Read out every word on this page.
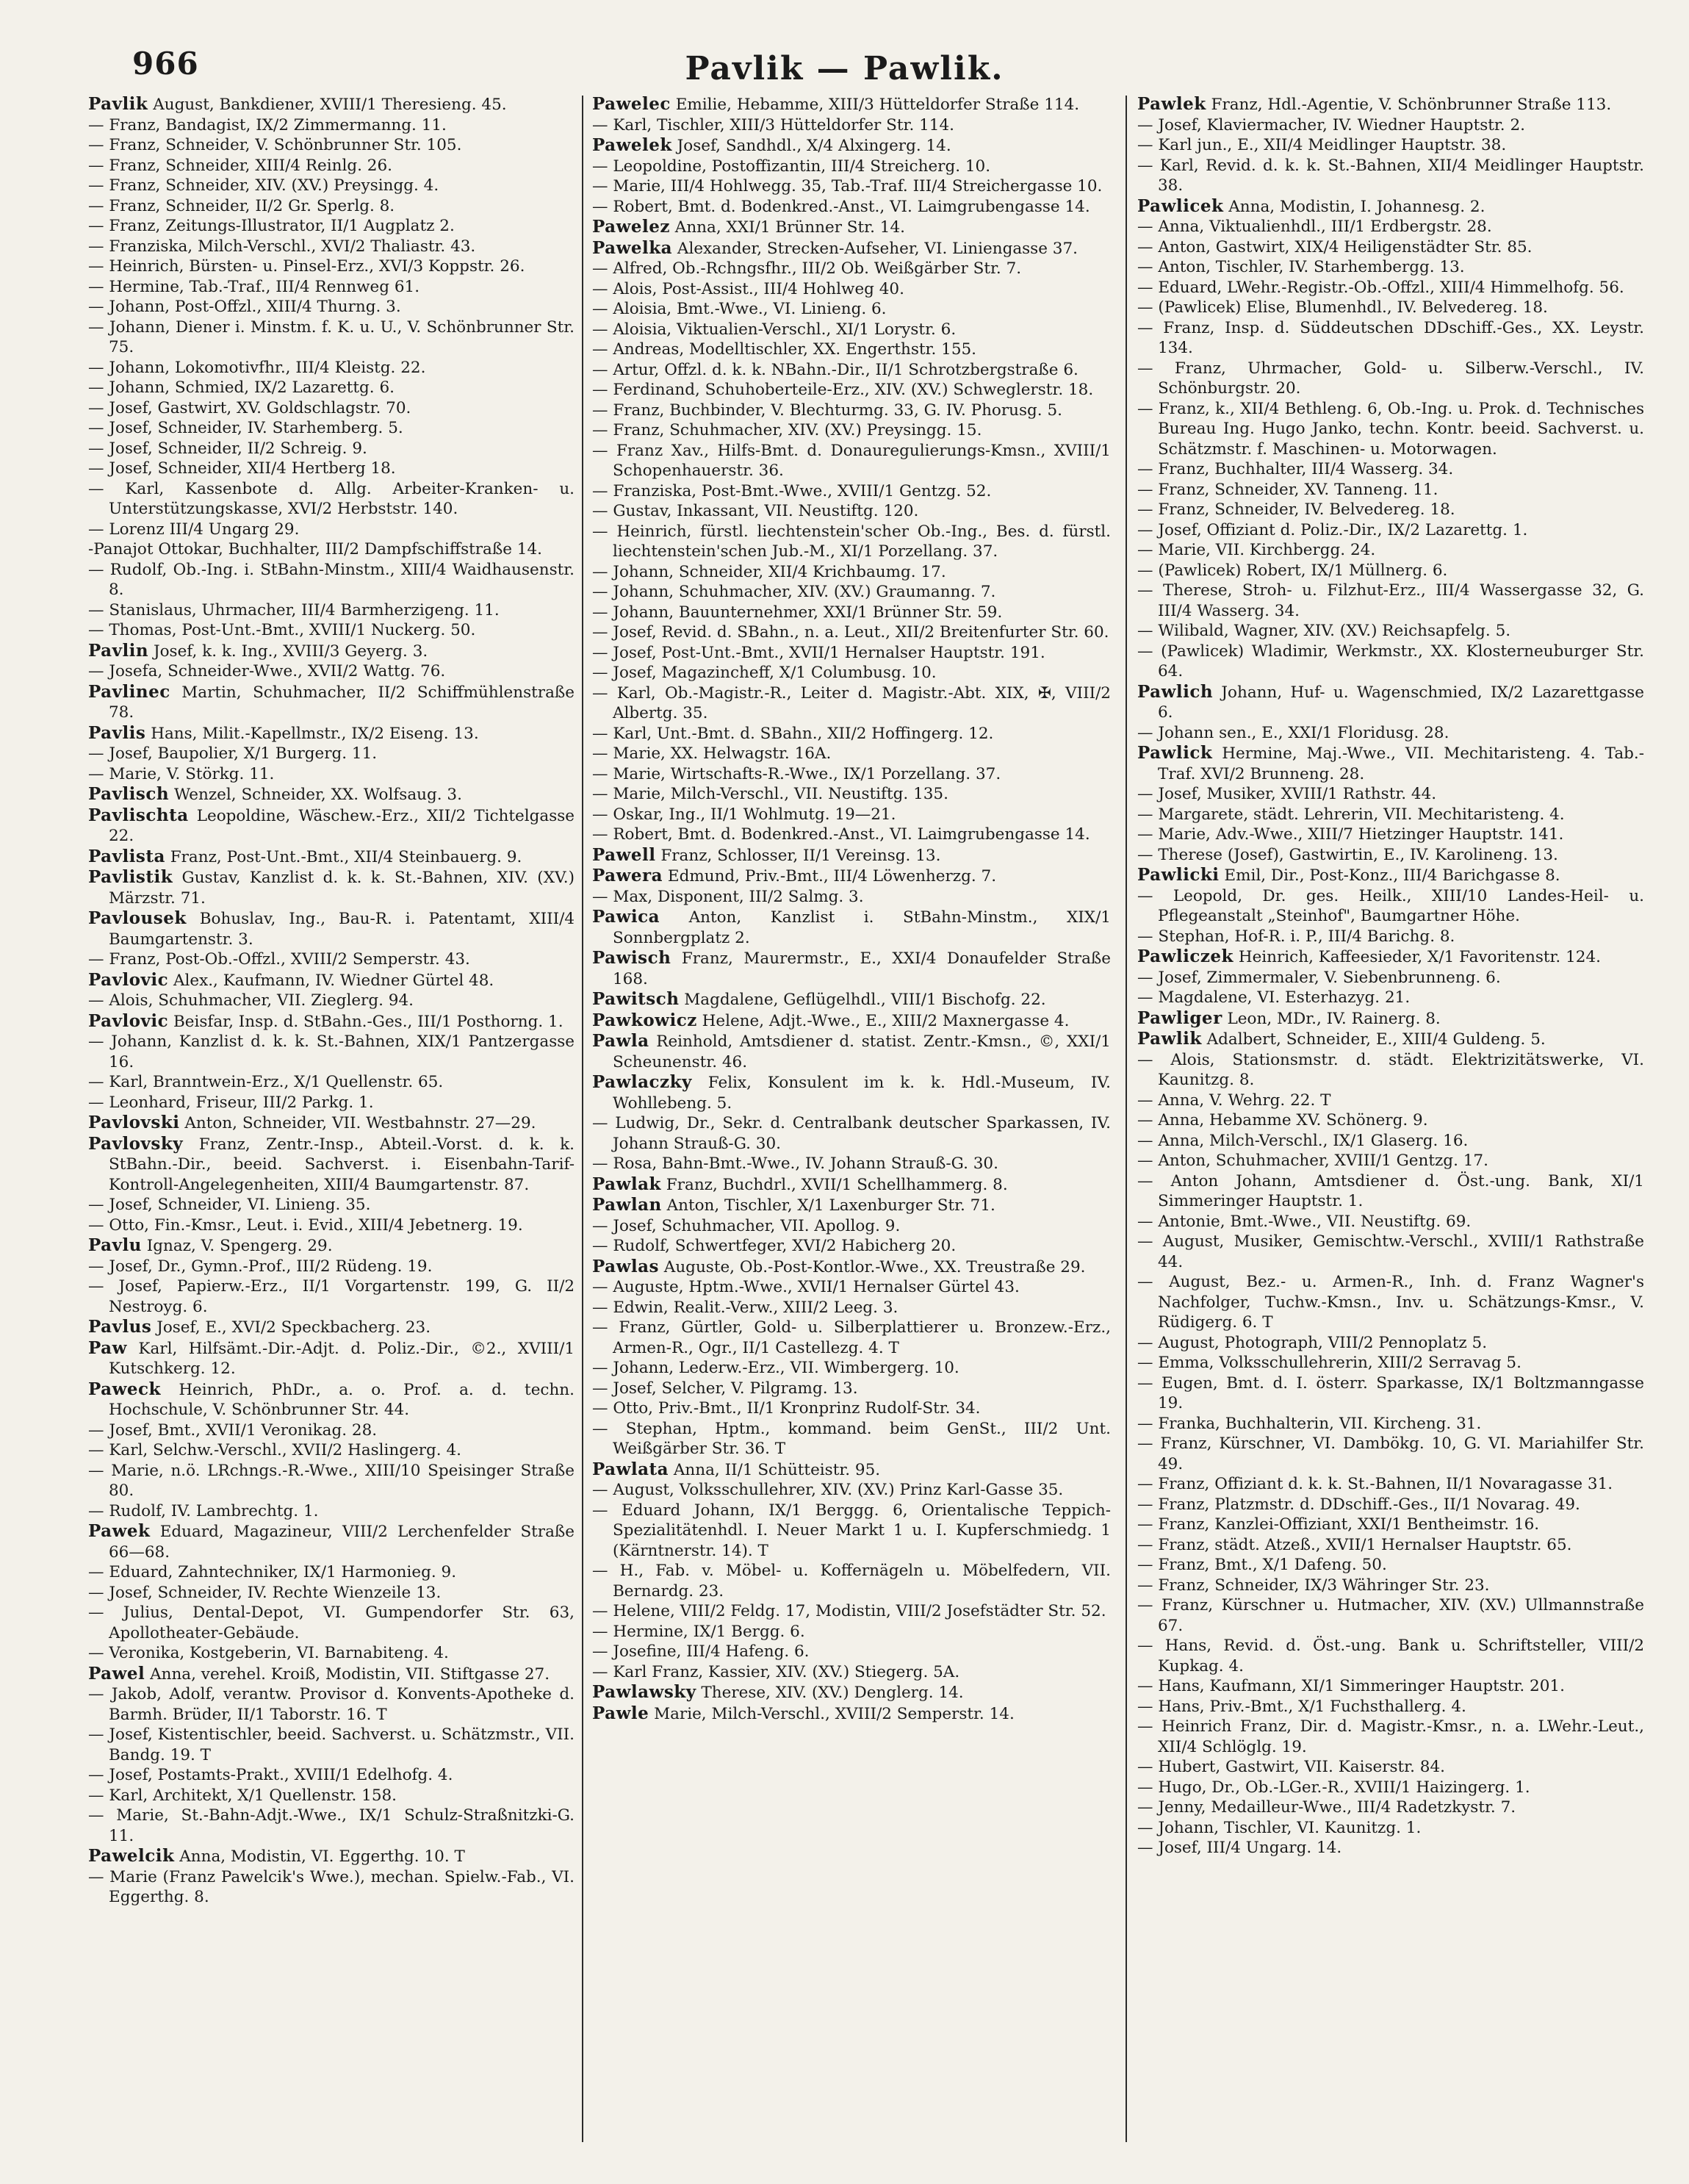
966	Pavlik — Pawlik.

Pavlik August, Bankdiener, XVIII/1 Theresieng. 45.

— Franz, Bandagist, IX/2 Zimmermanng. 11.

— Franz, Schneider, V. Schönbrunner Str. 105.

— Franz, Schneider, XIII/4 Reinlg. 26.

— Franz, Schneider, XIV. (XV.) Preysingg. 4.

— Franz, Schneider, II/2 Gr. Sperlg. 8.

— Franz, Zeitungs-Illustrator, II/1 Augplatz 2.

— Franziska, Milch-Verschl., XVI/2 Thaliastr. 43.

— Heinrich, Bürsten- u. Pinsel-Erz., XVI/3 Koppstr. 26.

— Hermine, Tab.-Traf., III/4 Rennweg 61.

— Johann, Post-Offzl., XIII/4 Thurng. 3.

— Johann, Diener i. Minstm. f. K. u. U., V. Schönbrunner Str. 75.

— Johann, Lokomotivfhr., III/4 Kleistg. 22.

— Johann, Schmied, IX/2 Lazarettg. 6.

— Josef, Gastwirt, XV. Goldschlagstr. 70.

— Josef, Schneider, IV. Starhemberg. 5.

— Josef, Schneider, II/2 Schreig. 9.

— Josef, Schneider, XII/4 Hertberg 18.

— Karl, Kassenbote d. Allg. Arbeiter-Kranken- u. Unterstützungskasse, XVI/2 Herbststr. 140.

— Lorenz III/4 Ungarg 29.

-Panajot Ottokar, Buchhalter, III/2 Dampfschiffstraße 14.

— Rudolf, Ob.-Ing. i. StBahn-Minstm., XIII/4 Waidhausenstr. 8.

— Stanislaus, Uhrmacher, III/4 Barmherzigeng. 11.

— Thomas, Post-Unt.-Bmt., XVIII/1 Nuckerg. 50.

Pavlin Josef, k. k. Ing., XVIII/3 Geyerg. 3.

— Josefa, Schneider-Wwe., XVII/2 Wattg. 76.

Pavlinec Martin, Schuhmacher, II/2 Schiffmühlenstraße 78.

Pavlis Hans, Milit.-Kapellmstr., IX/2 Eiseng. 13.

— Josef, Baupolier, X/1 Burgerg. 11.

— Marie, V. Störkg. 11.

Pavlisch Wenzel, Schneider, XX. Wolfsaug. 3.

Pavlischta Leopoldine, Wäschew.-Erz., XII/2 Tichtelgasse 22.

Pavlista Franz, Post-Unt.-Bmt., XII/4 Steinbauerg. 9.

Pavlistik Gustav, Kanzlist d. k. k. St.-Bahnen, XIV. (XV.) Märzstr. 71.

Pavlousek Bohuslav, Ing., Bau-R. i. Patentamt, XIII/4 Baumgartenstr. 3.

— Franz, Post-Ob.-Offzl., XVIII/2 Semperstr. 43.

Pavlovic Alex., Kaufmann, IV. Wiedner Gürtel 48.

— Alois, Schuhmacher, VII. Zieglerg. 94.

Pavlovic Beisfar, Insp. d. StBahn.-Ges., III/1 Posthorng. 1.

— Johann, Kanzlist d. k. k. St.-Bahnen, XIX/1 Pantzergasse 16.

— Karl, Branntwein-Erz., X/1 Quellenstr. 65.

— Leonhard, Friseur, III/2 Parkg. 1.

Pavlovski Anton, Schneider, VII. Westbahnstr. 27—29.

Pavlovsky Franz, Zentr.-Insp., Abteil.-Vorst. d. k. k. StBahn.-Dir., beeid. Sachverst. i. Eisenbahn-Tarif-Kontroll-Angelegenheiten, XIII/4 Baumgartenstr. 87.

— Josef, Schneider, VI. Linieng. 35.

— Otto, Fin.-Kmsr., Leut. i. Evid., XIII/4 Jebetnerg. 19.

Pavlu Ignaz, V. Spengerg. 29.

— Josef, Dr., Gymn.-Prof., III/2 Rüdeng. 19.

— Josef, Papierw.-Erz., II/1 Vorgartenstr. 199, G. II/2 Nestroyg. 6.

Pavlus Josef, E., XVI/2 Speckbacherg. 23.

Paw Karl, Hilfsämt.-Dir.-Adjt. d. Poliz.-Dir., ©2., XVIII/1 Kutschkerg. 12.

Paweck Heinrich, PhDr., a. o. Prof. a. d. techn. Hochschule, V. Schönbrunner Str. 44.

— Josef, Bmt., XVII/1 Veronikag. 28.

— Karl, Selchw.-Verschl., XVII/2 Haslingerg. 4.

— Marie, n.ö. LRchngs.-R.-Wwe., XIII/10 Speisinger Straße 80.

— Rudolf, IV. Lambrechtg. 1.

Pawek Eduard, Magazineur, VIII/2 Lerchenfelder Straße 66—68.

— Eduard, Zahntechniker, IX/1 Harmonieg. 9.

— Josef, Schneider, IV. Rechte Wienzeile 13.

— Julius, Dental-Depot, VI. Gumpendorfer Str. 63, Apollotheater-Gebäude.

— Veronika, Kostgeberin, VI. Barnabiteng. 4.

Pawel Anna, verehel. Kroiß, Modistin, VII. Stiftgasse 27.

— Jakob, Adolf, verantw. Provisor d. Konvents-Apotheke d. Barmh. Brüder, II/1 Taborstr. 16. T

— Josef, Kistentischler, beeid. Sachverst. u. Schätzmstr., VII. Bandg. 19. T

— Josef, Postamts-Prakt., XVIII/1 Edelhofg. 4.

— Karl, Architekt, X/1 Quellenstr. 158.

— Marie, St.-Bahn-Adjt.-Wwe., IX/1 Schulz-Straßnitzki-G. 11.

Pawelcik Anna, Modistin, VI. Eggerthg. 10. T

— Marie (Franz Pawelcik's Wwe.), mechan. Spielw.-Fab., VI. Eggerthg. 8.

Pawelec Emilie, Hebamme, XIII/3 Hütteldorfer Straße 114.

— Karl, Tischler, XIII/3 Hütteldorfer Str. 114.

Pawelek Josef, Sandhdl., X/4 Alxingerg. 14.

— Leopoldine, Postoffizantin, III/4 Streicherg. 10.

— Marie, III/4 Hohlwegg. 35, Tab.-Traf. III/4 Streichergasse 10.

— Robert, Bmt. d. Bodenkred.-Anst., VI. Laimgrubengasse 14.

Pawelez Anna, XXI/1 Brünner Str. 14.

Pawelka Alexander, Strecken-Aufseher, VI. Liniengasse 37.

— Alfred, Ob.-Rchngsfhr., III/2 Ob. Weißgärber Str. 7.

— Alois, Post-Assist., III/4 Hohlweg 40.

— Aloisia, Bmt.-Wwe., VI. Linieng. 6.

— Aloisia, Viktualien-Verschl., XI/1 Lorystr. 6.

— Andreas, Modelltischler, XX. Engerthstr. 155.

— Artur, Offzl. d. k. k. NBahn.-Dir., II/1 Schrotzbergstraße 6.

— Ferdinand, Schuhoberteile-Erz., XIV. (XV.) Schweglerstr. 18.

— Franz, Buchbinder, V. Blechturmg. 33, G. IV. Phorusg. 5.

— Franz, Schuhmacher, XIV. (XV.) Preysingg. 15.

— Franz Xav., Hilfs-Bmt. d. Donauregulierungs-Kmsn., XVIII/1 Schopenhauerstr. 36.

— Franziska, Post-Bmt.-Wwe., XVIII/1 Gentzg. 52.

— Gustav, Inkassant, VII. Neustiftg. 120.

— Heinrich, fürstl. liechtenstein'scher Ob.-Ing., Bes. d. fürstl. liechtenstein'schen Jub.-M., XI/1 Porzellang. 37.

— Johann, Schneider, XII/4 Krichbaumg. 17.

— Johann, Schuhmacher, XIV. (XV.) Graumanng. 7.

— Johann, Bauunternehmer, XXI/1 Brünner Str. 59.

— Josef, Revid. d. SBahn., n. a. Leut., XII/2 Breitenfurter Str. 60.

— Josef, Post-Unt.-Bmt., XVII/1 Hernalser Hauptstr. 191.

— Josef, Magazincheff, X/1 Columbusg. 10.

— Karl, Ob.-Magistr.-R., Leiter d. Magistr.-Abt. XIX, ✠, VIII/2 Albertg. 35.

— Karl, Unt.-Bmt. d. SBahn., XII/2 Hoffingerg. 12.

— Marie, XX. Helwagstr. 16A.

— Marie, Wirtschafts-R.-Wwe., IX/1 Porzellang. 37.

— Marie, Milch-Verschl., VII. Neustiftg. 135.

— Oskar, Ing., II/1 Wohlmutg. 19—21.

— Robert, Bmt. d. Bodenkred.-Anst., VI. Laimgrubengasse 14.

Pawell Franz, Schlosser, II/1 Vereinsg. 13.

Pawera Edmund, Priv.-Bmt., III/4 Löwenherzg. 7.

— Max, Disponent, III/2 Salmg. 3.

Pawica Anton, Kanzlist i. StBahn-Minstm., XIX/1 Sonnbergplatz 2.

Pawisch Franz, Maurermstr., E., XXI/4 Donaufelder Straße 168.

Pawitsch Magdalene, Geflügelhdl., VIII/1 Bischofg. 22.

Pawkowicz Helene, Adjt.-Wwe., E., XIII/2 Maxnergasse 4.

Pawla Reinhold, Amtsdiener d. statist. Zentr.-Kmsn., ©, XXI/1 Scheunenstr. 46.

Pawlaczky Felix, Konsulent im k. k. Hdl.-Museum, IV. Wohllebeng. 5.

— Ludwig, Dr., Sekr. d. Centralbank deutscher Sparkassen, IV. Johann Strauß-G. 30.

— Rosa, Bahn-Bmt.-Wwe., IV. Johann Strauß-G. 30.

Pawlak Franz, Buchdrl., XVII/1 Schellhammerg. 8.

Pawlan Anton, Tischler, X/1 Laxenburger Str. 71.

— Josef, Schuhmacher, VII. Apollog. 9.

— Rudolf, Schwertfeger, XVI/2 Habicherg 20.

Pawlas Auguste, Ob.-Post-Kontlor.-Wwe., XX. Treustraße 29.

— Auguste, Hptm.-Wwe., XVII/1 Hernalser Gürtel 43.

— Edwin, Realit.-Verw., XIII/2 Leeg. 3.

— Franz, Gürtler, Gold- u. Silberplattierer u. Bronzew.-Erz., Armen-R., Ogr., II/1 Castellezg. 4. T

— Johann, Lederw.-Erz., VII. Wimbergerg. 10.

— Josef, Selcher, V. Pilgramg. 13.

— Otto, Priv.-Bmt., II/1 Kronprinz Rudolf-Str. 34.

— Stephan, Hptm., kommand. beim GenSt., III/2 Unt. Weißgärber Str. 36. T

Pawlata Anna, II/1 Schütteistr. 95.

— August, Volksschullehrer, XIV. (XV.) Prinz Karl-Gasse 35.

— Eduard Johann, IX/1 Berggg. 6, Orientalische Teppich-Spezialitätenhdl. I. Neuer Markt 1 u. I. Kupferschmiedg. 1 (Kärntnerstr. 14). T

— H., Fab. v. Möbel- u. Koffernägeln u. Möbelfedern, VII. Bernardg. 23.

— Helene, VIII/2 Feldg. 17, Modistin, VIII/2 Josefstädter Str. 52.

— Hermine, IX/1 Bergg. 6.

— Josefine, III/4 Hafeng. 6.

— Karl Franz, Kassier, XIV. (XV.) Stiegerg. 5A.

Pawlawsky Therese, XIV. (XV.) Denglerg. 14.

Pawle Marie, Milch-Verschl., XVIII/2 Semperstr. 14.

Pawlek Franz, Hdl.-Agentie, V. Schönbrunner Straße 113.

— Josef, Klaviermacher, IV. Wiedner Hauptstr. 2.

— Karl jun., E., XII/4 Meidlinger Hauptstr. 38.

— Karl, Revid. d. k. k. St.-Bahnen, XII/4 Meidlinger Hauptstr. 38.

Pawlicek Anna, Modistin, I. Johannesg. 2.

— Anna, Viktualienhdl., III/1 Erdbergstr. 28.

— Anton, Gastwirt, XIX/4 Heiligenstädter Str. 85.

— Anton, Tischler, IV. Starhembergg. 13.

— Eduard, LWehr.-Registr.-Ob.-Offzl., XIII/4 Himmelhofg. 56.

— (Pawlicek) Elise, Blumenhdl., IV. Belvedereg. 18.

— Franz, Insp. d. Süddeutschen DDschiff.-Ges., XX. Leystr. 134.

— Franz, Uhrmacher, Gold- u. Silberw.-Verschl., IV. Schönburgstr. 20.

— Franz, k., XII/4 Bethleng. 6, Ob.-Ing. u. Prok. d. Technisches Bureau Ing. Hugo Janko, techn. Kontr. beeid. Sachverst. u. Schätzmstr. f. Maschinen- u. Motorwagen.

— Franz, Buchhalter, III/4 Wasserg. 34.

— Franz, Schneider, XV. Tanneng. 11.

— Franz, Schneider, IV. Belvedereg. 18.

— Josef, Offiziant d. Poliz.-Dir., IX/2 Lazarettg. 1.

— Marie, VII. Kirchbergg. 24.

— (Pawlicek) Robert, IX/1 Müllnerg. 6.

— Therese, Stroh- u. Filzhut-Erz., III/4 Wassergasse 32, G. III/4 Wasserg. 34.

— Wilibald, Wagner, XIV. (XV.) Reichsapfelg. 5.

— (Pawlicek) Wladimir, Werkmstr., XX. Klosterneuburger Str. 64.

Pawlich Johann, Huf- u. Wagenschmied, IX/2 Lazarettgasse 6.

— Johann sen., E., XXI/1 Floridusg. 28.

Pawlick Hermine, Maj.-Wwe., VII. Mechitaristeng. 4. Tab.-Traf. XVI/2 Brunneng. 28.

— Josef, Musiker, XVIII/1 Rathstr. 44.

— Margarete, städt. Lehrerin, VII. Mechitaristeng. 4.

— Marie, Adv.-Wwe., XIII/7 Hietzinger Hauptstr. 141.

— Therese (Josef), Gastwirtin, E., IV. Karolineng. 13.

Pawlicki Emil, Dir., Post-Konz., III/4 Barichgasse 8.

— Leopold, Dr. ges. Heilk., XIII/10 Landes-Heil- u. Pflegeanstalt „Steinhof", Baumgartner Höhe.

— Stephan, Hof-R. i. P., III/4 Barichg. 8.

Pawliczek Heinrich, Kaffeesieder, X/1 Favoritenstr. 124.

— Josef, Zimmermaler, V. Siebenbrunneng. 6.

— Magdalene, VI. Esterhazyg. 21.

Pawliger Leon, MDr., IV. Rainerg. 8.

Pawlik Adalbert, Schneider, E., XIII/4 Guldeng. 5.

— Alois, Stationsmstr. d. städt. Elektrizitätswerke, VI. Kaunitzg. 8.

— Anna, V. Wehrg. 22. T

— Anna, Hebamme XV. Schönerg. 9.

— Anna, Milch-Verschl., IX/1 Glaserg. 16.

— Anton, Schuhmacher, XVIII/1 Gentzg. 17.

— Anton Johann, Amtsdiener d. Öst.-ung. Bank, XI/1 Simmeringer Hauptstr. 1.

— Antonie, Bmt.-Wwe., VII. Neustiftg. 69.

— August, Musiker, Gemischtw.-Verschl., XVIII/1 Rathstraße 44.

— August, Bez.- u. Armen-R., Inh. d. Franz Wagner's Nachfolger, Tuchw.-Kmsn., Inv. u. Schätzungs-Kmsr., V. Rüdigerg. 6. T

— August, Photograph, VIII/2 Pennoplatz 5.

— Emma, Volksschullehrerin, XIII/2 Serravag 5.

— Eugen, Bmt. d. I. österr. Sparkasse, IX/1 Boltzmanngasse 19.

— Franka, Buchhalterin, VII. Kircheng. 31.

— Franz, Kürschner, VI. Dambökg. 10, G. VI. Mariahilfer Str. 49.

— Franz, Offiziant d. k. k. St.-Bahnen, II/1 Novaragasse 31.

— Franz, Platzmstr. d. DDschiff.-Ges., II/1 Novarag. 49.

— Franz, Kanzlei-Offiziant, XXI/1 Bentheimstr. 16.

— Franz, städt. Atzeß., XVII/1 Hernalser Hauptstr. 65.

— Franz, Bmt., X/1 Dafeng. 50.

— Franz, Schneider, IX/3 Währinger Str. 23.

— Franz, Kürschner u. Hutmacher, XIV. (XV.) Ullmannstraße 67.

— Hans, Revid. d. Öst.-ung. Bank u. Schriftsteller, VIII/2 Kupkag. 4.

— Hans, Kaufmann, XI/1 Simmeringer Hauptstr. 201.

— Hans, Priv.-Bmt., X/1 Fuchsthallerg. 4.

— Heinrich Franz, Dir. d. Magistr.-Kmsr., n. a. LWehr.-Leut., XII/4 Schlöglg. 19.

— Hubert, Gastwirt, VII. Kaiserstr. 84.

— Hugo, Dr., Ob.-LGer.-R., XVIII/1 Haizingerg. 1.

— Jenny, Medailleur-Wwe., III/4 Radetzkystr. 7.

— Johann, Tischler, VI. Kaunitzg. 1.

— Josef, III/4 Ungarg. 14.
